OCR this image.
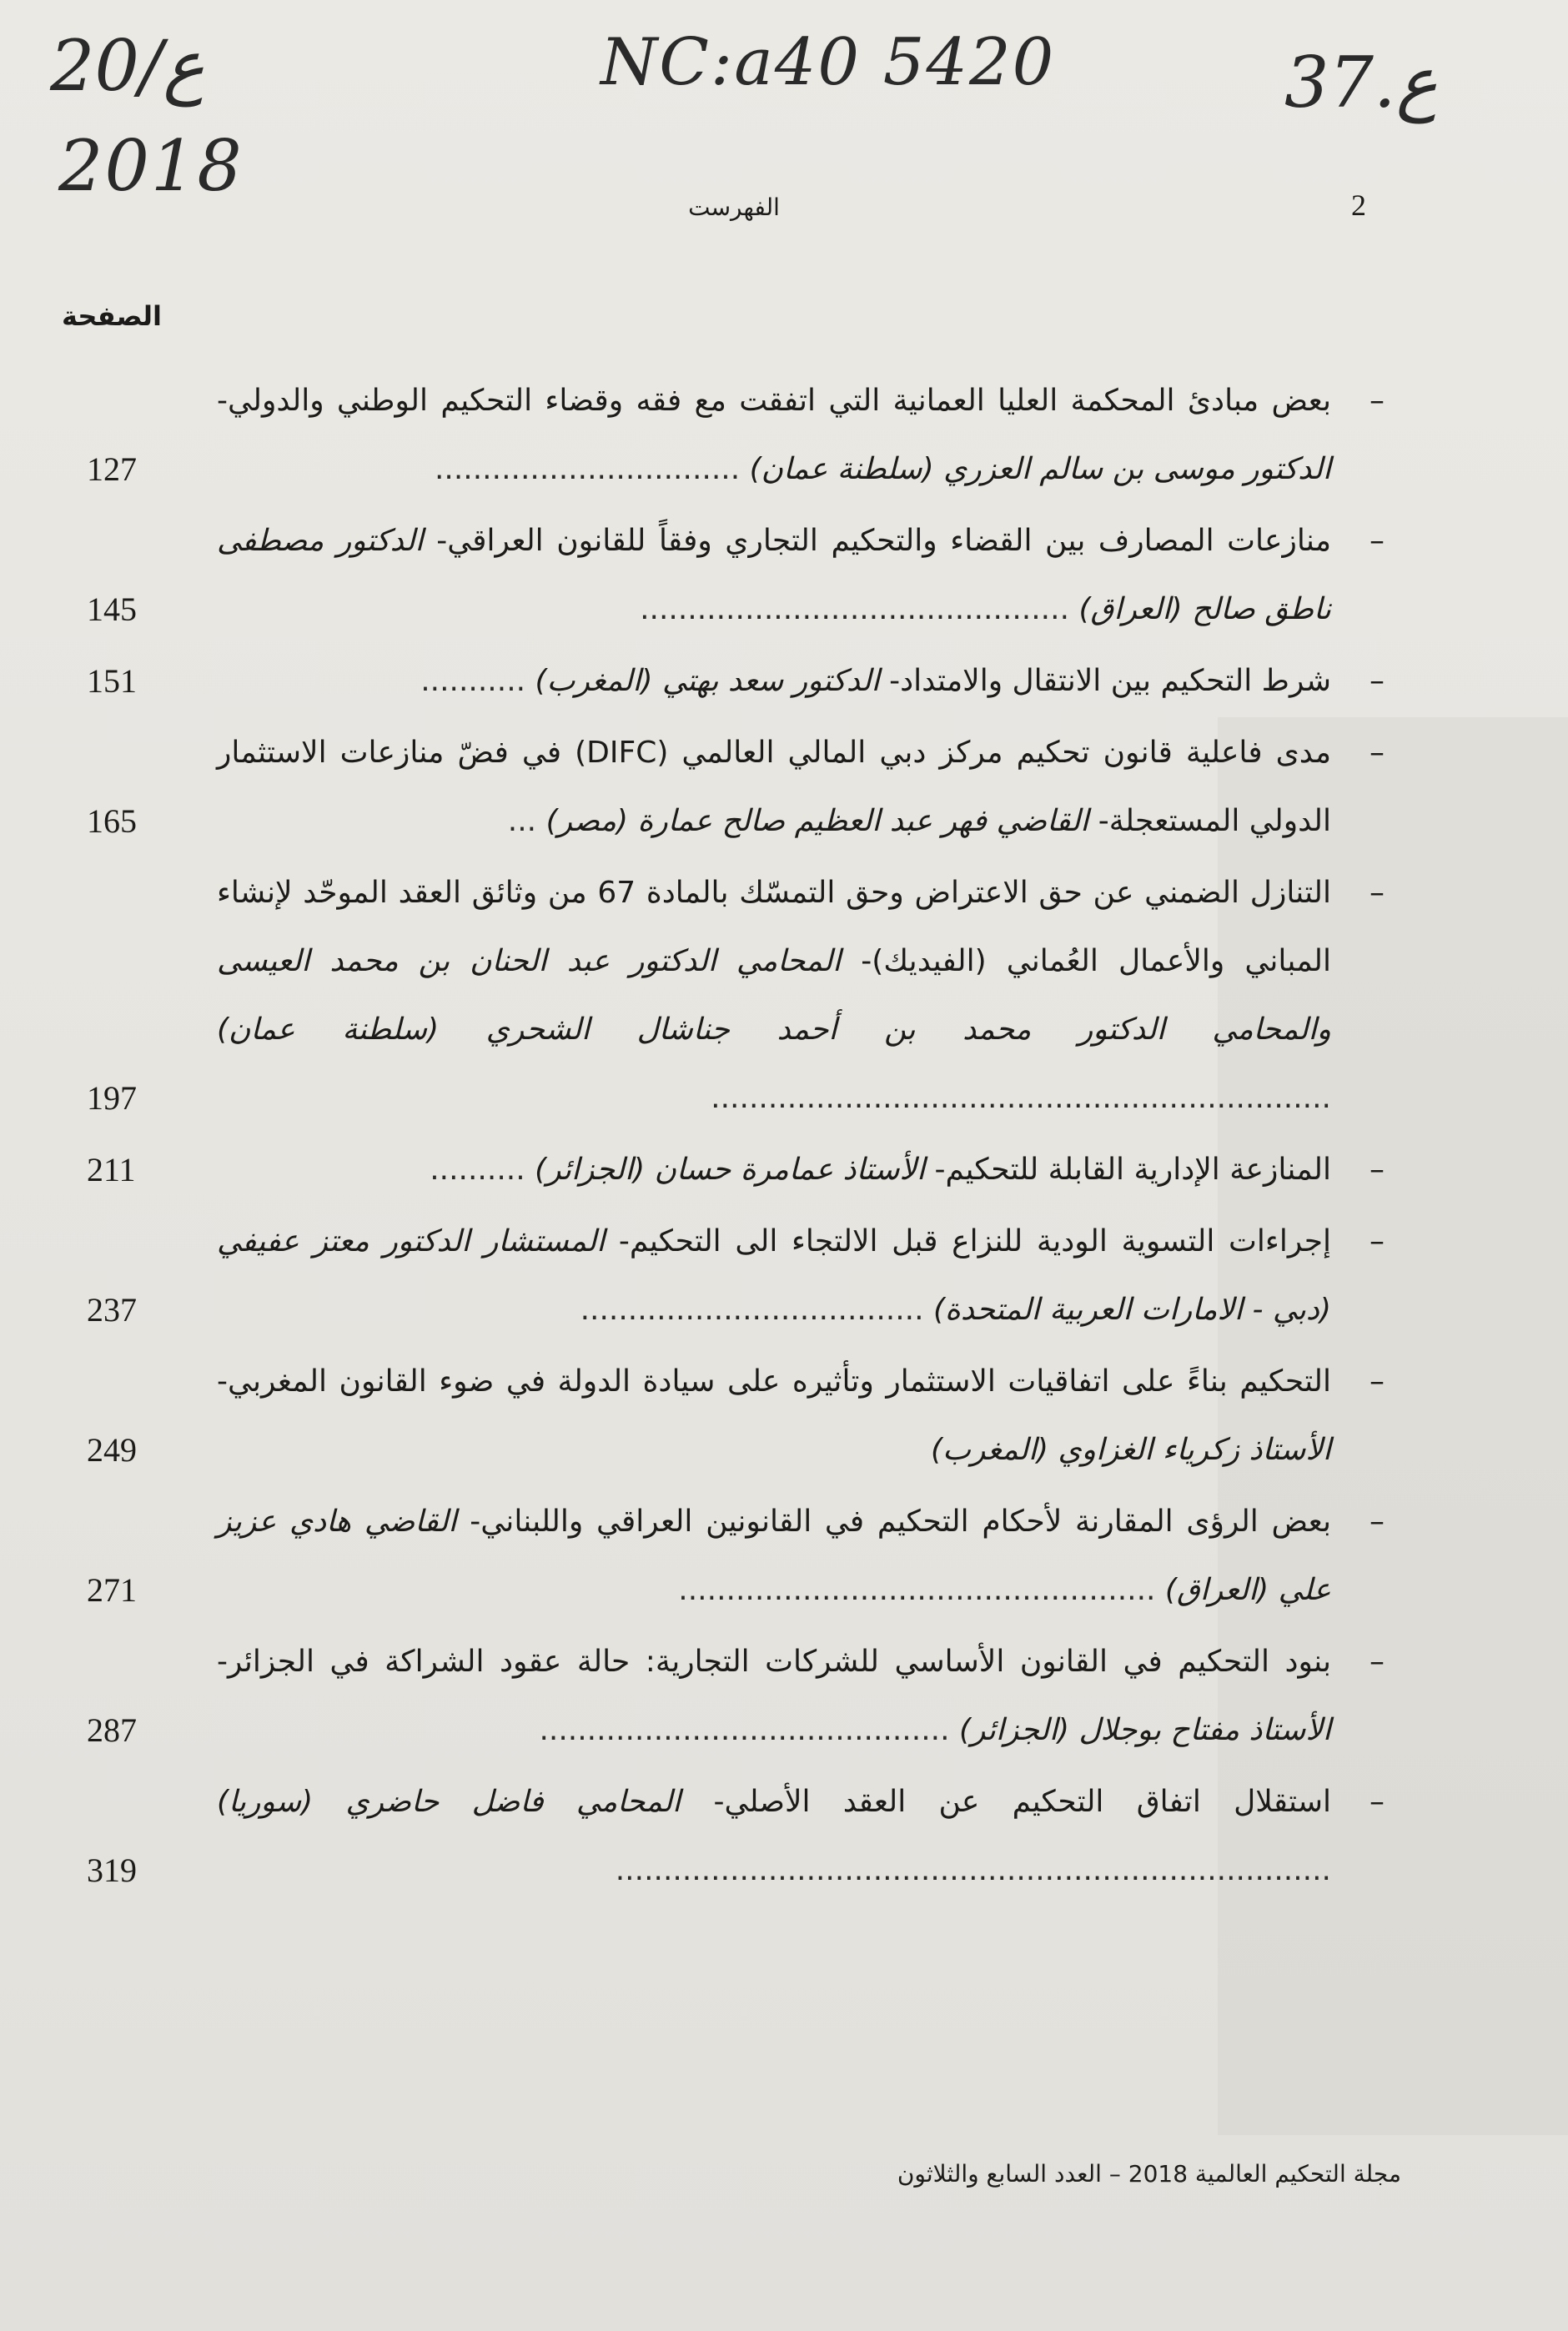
ع/20
2018
NC:a40 5420	37.ع
2
الفهرست
الصفحة
– بعض مبادئ المحكمة العليا العمانية التي اتفقت مع فقه وقضاء التحكيم الوطني والدولي- الدكتور موسى بن سالم العزري (سلطنة عمان) ................................
127
– منازعات المصارف بين القضاء والتحكيم التجاري وفقاً للقانون العراقي- الدكتور مصطفى ناطق صالح (العراق) .............................................
145
– شرط التحكيم بين الانتقال والامتداد- الدكتور سعد بهتي (المغرب) ...........
151
– مدى فاعلية قانون تحكيم مركز دبي المالي العالمي (DIFC) في فضّ منازعات الاستثمار الدولي المستعجلة- القاضي فهر عبد العظيم صالح عمارة (مصر) ...
165
– التنازل الضمني عن حق الاعتراض وحق التمسّك بالمادة 67 من وثائق العقد الموحّد لإنشاء المباني والأعمال العُماني (الفيديك)- المحامي الدكتور عبد الحنان بن محمد العيسى والمحامي الدكتور محمد بن أحمد جناشال الشحري (سلطنة عمان) .................................................................
197
– المنازعة الإدارية القابلة للتحكيم- الأستاذ عمامرة حسان (الجزائر) ..........
211
– إجراءات التسوية الودية للنزاع قبل الالتجاء الى التحكيم- المستشار الدكتور معتز عفيفي (دبي - الامارات العربية المتحدة) ....................................
237
– التحكيم بناءً على اتفاقيات الاستثمار وتأثيره على سيادة الدولة في ضوء القانون المغربي- الأستاذ زكرياء الغزاوي (المغرب)
249
– بعض الرؤى المقارنة لأحكام التحكيم في القانونين العراقي واللبناني- القاضي هادي عزيز علي (العراق) ..................................................
271
– بنود التحكيم في القانون الأساسي للشركات التجارية: حالة عقود الشراكة في الجزائر- الأستاذ مفتاح بوجلال (الجزائر) ...........................................
287
– استقلال اتفاق التحكيم عن العقد الأصلي- المحامي فاضل حاضري (سوريا) ...........................................................................
319
مجلة التحكيم العالمية 2018 – العدد السابع والثلاثون
